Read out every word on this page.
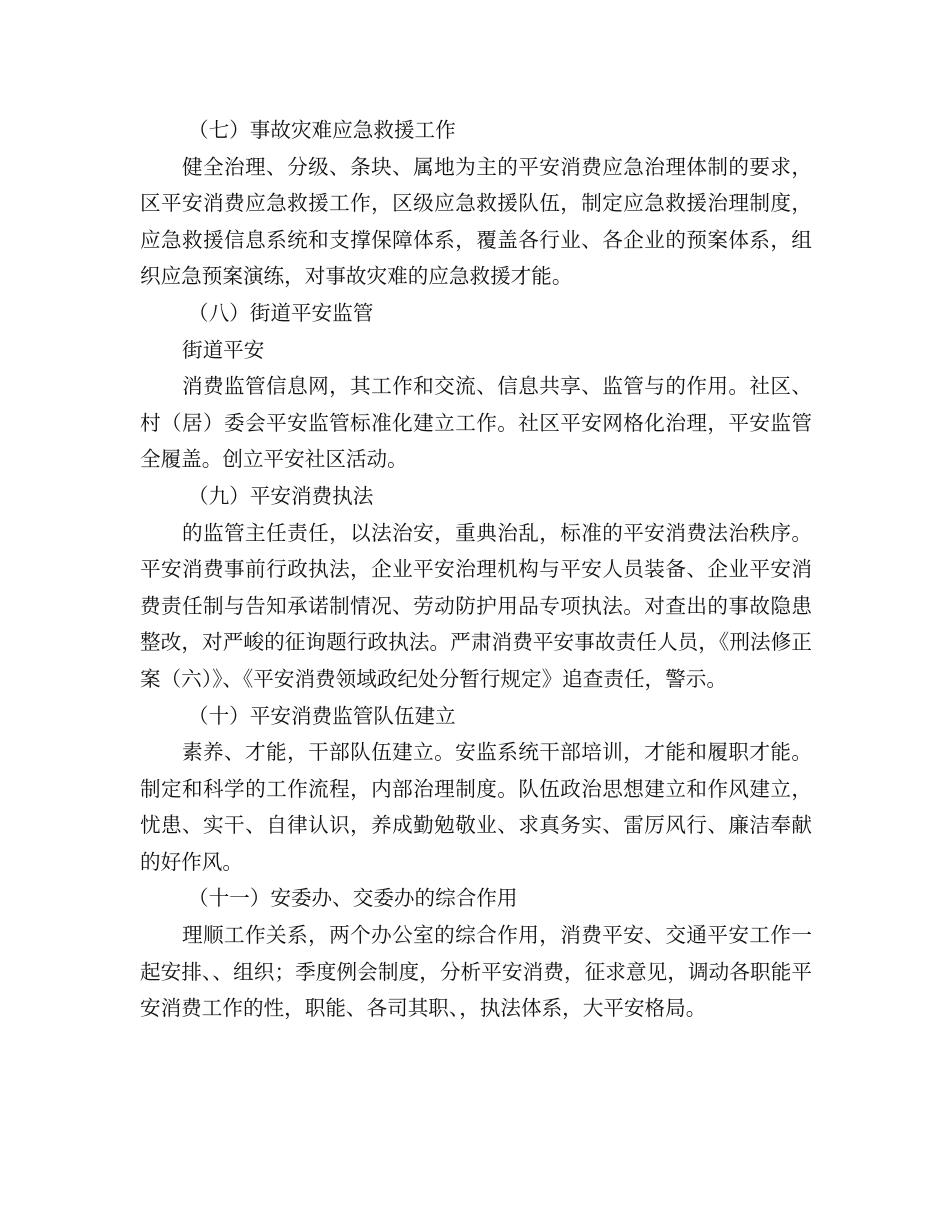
（七）事故灾难应急救援工作

健全治理、分级、条块、属地为主的平安消费应急治理体制的要求，区平安消费应急救援工作，区级应急救援队伍，制定应急救援治理制度，应急救援信息系统和支撑保障体系，覆盖各行业、各企业的预案体系，组织应急预案演练，对事故灾难的应急救援才能。

（八）街道平安监管

街道平安

消费监管信息网，其工作和交流、信息共享、监管与的作用。社区、村（居）委会平安监管标准化建立工作。社区平安网格化治理，平安监管全履盖。创立平安社区活动。

（九）平安消费执法

的监管主任责任，以法治安，重典治乱，标准的平安消费法治秩序。平安消费事前行政执法，企业平安治理机构与平安人员装备、企业平安消费责任制与告知承诺制情况、劳动防护用品专项执法。对查出的事故隐患整改，对严峻的征询题行政执法。严肃消费平安事故责任人员，《刑法修正案（六）》、《平安消费领域政纪处分暂行规定》追查责任，警示。

（十）平安消费监管队伍建立

素养、才能，干部队伍建立。安监系统干部培训，才能和履职才能。制定和科学的工作流程，内部治理制度。队伍政治思想建立和作风建立，忧患、实干、自律认识，养成勤勉敬业、求真务实、雷厉风行、廉洁奉献的好作风。

（十一）安委办、交委办的综合作用

理顺工作关系，两个办公室的综合作用，消费平安、交通平安工作一起安排、、组织；季度例会制度，分析平安消费，征求意见，调动各职能平安消费工作的性，职能、各司其职、，执法体系，大平安格局。
